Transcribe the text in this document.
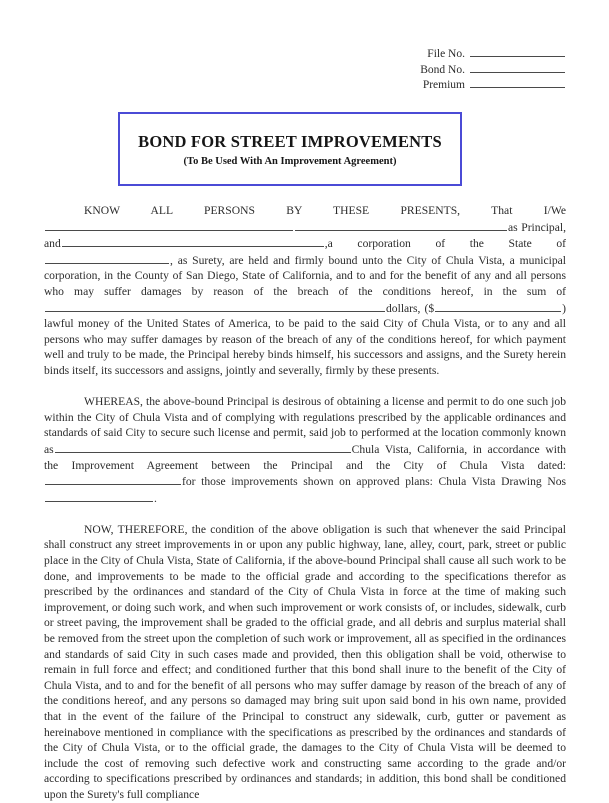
File No.
Bond No.
Premium
BOND FOR STREET IMPROVEMENTS
(To Be Used With An Improvement Agreement)

KNOW ALL PERSONS BY THESE PRESENTS, That I/Weas Principal, and	,a corporation of the State of, as Surety, are held and firmly bound unto the City of Chula Vista, a municipal corporation, in the County of San Diego, State of California, and to and for the benefit of any and all persons who may suffer damages by reason of the breach of the conditions hereof, in the sum ofdollars, ($	) lawful money of the United States of America, to be paid to the said City of Chula Vista, or to any and all persons who may suffer damages by reason of the breach of any of the conditions hereof, for which payment well and truly to be made, the Principal hereby binds himself, his successors and assigns, and the Surety herein binds itself, its successors and assigns, jointly and severally, firmly by these presents.

WHEREAS, the above-bound Principal is desirous of obtaining a license and permit to do one such job within the City of Chula Vista and of complying with regulations prescribed by the applicable ordinances and standards of said City to secure such license and permit, said job to performed at the location commonly known as	Chula Vista, California, in accordance with the Improvement Agreement between the Principal and the City of Chula Vista dated:for those improvements shown on approved plans: Chula Vista Drawing Nos.

NOW, THEREFORE, the condition of the above obligation is such that whenever the said Principal shall construct any street improvements in or upon any public highway, lane, alley, court, park, street or public place in the City of Chula Vista, State of California, if the above-bound Principal shall cause all such work to be done, and improvements to be made to the official grade and according to the specifications therefor as prescribed by the ordinances and standard of the City of Chula Vista in force at the time of making such improvement, or doing such work, and when such improvement or work consists of, or includes, sidewalk, curb or street paving, the improvement shall be graded to the official grade, and all debris and surplus material shall be removed from the street upon the completion of such work or improvement, all as specified in the ordinances and standards of said City in such cases made and provided, then this obligation shall be void, otherwise to remain in full force and effect; and conditioned further that this bond shall inure to the benefit of the City of Chula Vista, and to and for the benefit of all persons who may suffer damage by reason of the breach of any of the conditions hereof, and any persons so damaged may bring suit upon said bond in his own name, provided that in the event of the failure of the Principal to construct any sidewalk, curb, gutter or pavement as hereinabove mentioned in compliance with the specifications as prescribed by the ordinances and standards of the City of Chula Vista, or to the official grade, the damages to the City of Chula Vista will be deemed to include the cost of removing such defective work and constructing same according to the grade and/or according to specifications prescribed by ordinances and standards; in addition, this bond shall be conditioned upon the Surety's full compliance
